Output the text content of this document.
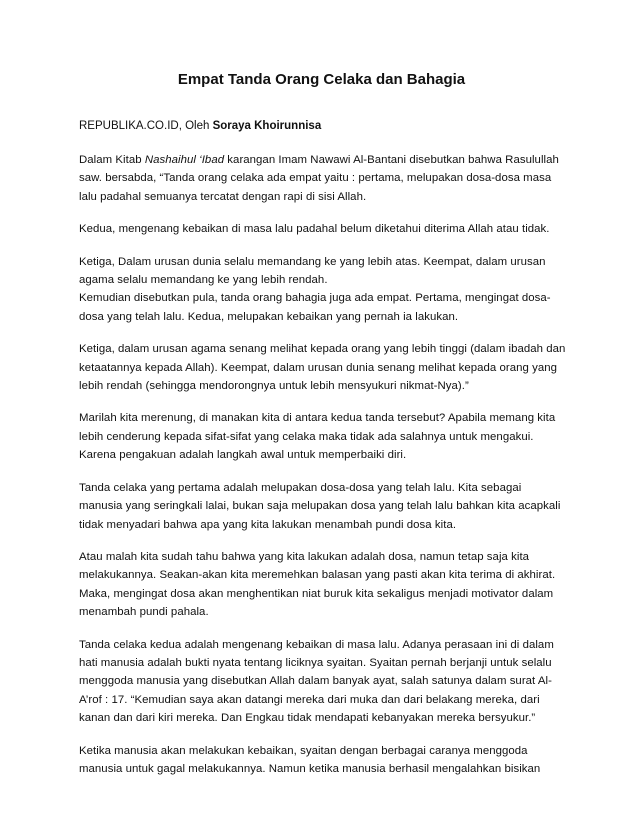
Empat Tanda Orang Celaka dan Bahagia
REPUBLIKA.CO.ID, Oleh Soraya Khoirunnisa
Dalam Kitab Nashaihul ‘Ibad karangan Imam Nawawi Al-Bantani disebutkan bahwa Rasulullah
saw. bersabda, “Tanda orang celaka ada empat yaitu : pertama, melupakan dosa-dosa masa
lalu padahal semuanya tercatat dengan rapi di sisi Allah.
Kedua, mengenang kebaikan di masa lalu padahal belum diketahui diterima Allah atau tidak.
Ketiga, Dalam urusan dunia selalu memandang ke yang lebih atas. Keempat, dalam urusan
agama selalu memandang ke yang lebih rendah.
Kemudian disebutkan pula, tanda orang bahagia juga ada empat. Pertama, mengingat dosa-
dosa yang telah lalu. Kedua, melupakan kebaikan yang pernah ia lakukan.
Ketiga, dalam urusan agama senang melihat kepada orang yang lebih tinggi (dalam ibadah dan
ketaatannya kepada Allah). Keempat, dalam urusan dunia senang melihat kepada orang yang
lebih rendah (sehingga mendorongnya untuk lebih mensyukuri nikmat-Nya).”
Marilah kita merenung, di manakan kita di antara kedua tanda tersebut? Apabila memang kita
lebih cenderung kepada sifat-sifat yang celaka maka tidak ada salahnya untuk mengakui.
Karena pengakuan adalah langkah awal untuk memperbaiki diri.
Tanda celaka yang pertama adalah melupakan dosa-dosa yang telah lalu. Kita sebagai
manusia yang seringkali lalai, bukan saja melupakan dosa yang telah lalu bahkan kita acapkali
tidak menyadari bahwa apa yang kita lakukan menambah pundi dosa kita.
Atau malah kita sudah tahu bahwa yang kita lakukan adalah dosa, namun tetap saja kita
melakukannya. Seakan-akan kita meremehkan balasan yang pasti akan kita terima di akhirat.
Maka, mengingat dosa akan menghentikan niat buruk kita sekaligus menjadi motivator dalam
menambah pundi pahala.
Tanda celaka kedua adalah mengenang kebaikan di masa lalu. Adanya perasaan ini di dalam
hati manusia adalah bukti nyata tentang liciknya syaitan. Syaitan pernah berjanji untuk selalu
menggoda manusia yang disebutkan Allah dalam banyak ayat, salah satunya dalam surat Al-
A’rof : 17. “Kemudian saya akan datangi mereka dari muka dan dari belakang mereka, dari
kanan dan dari kiri mereka. Dan Engkau tidak mendapati kebanyakan mereka bersyukur.”
Ketika manusia akan melakukan kebaikan, syaitan dengan berbagai caranya menggoda
manusia untuk gagal melakukannya. Namun ketika manusia berhasil mengalahkan bisikan
